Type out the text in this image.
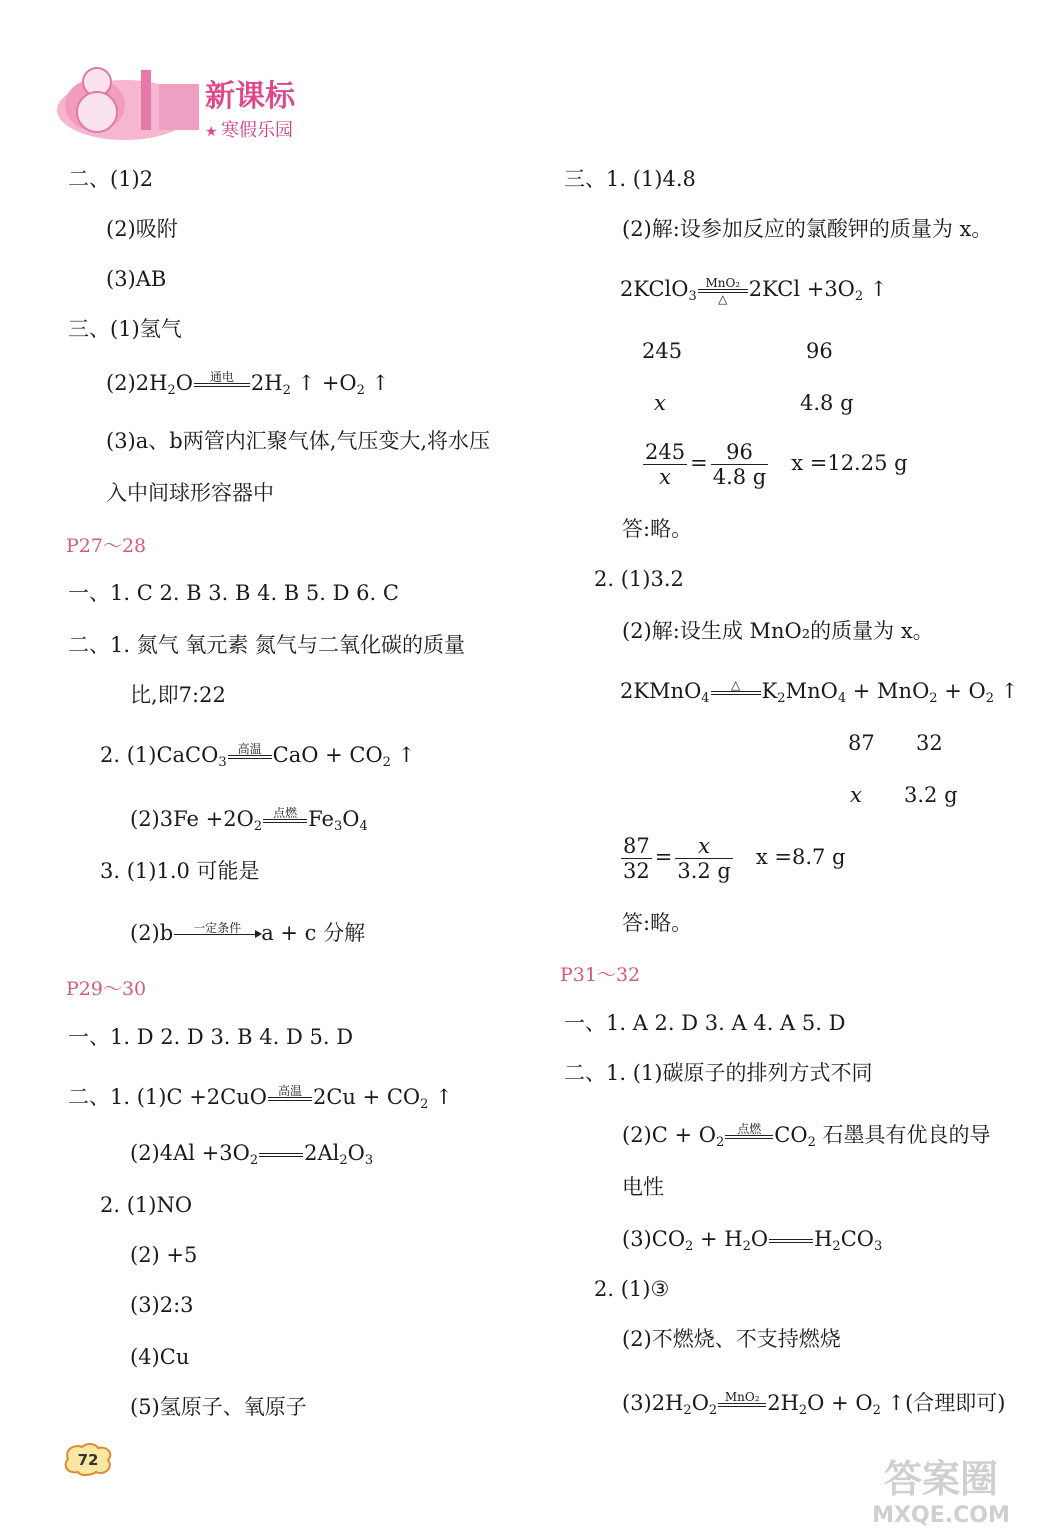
新课标
寒假乐园
★
二、(1)2
(2)吸附
(3)AB
三、(1)氢气
$(2)2H_2O$	通电 $2H_2$ ↑ $+O_2$ ↑
(3)a、b两管内汇聚气体,气压变大,将水压
入中间球形容器中
P27～28
一、1. C 2. B 3. B 4. B 5. D 6. C
二、1. 氮气 氧元素 氮气与二氧化碳的质量
比,即7:22
2. (1)CaCO$_3$
高温 CaO + $CO_2$ ↑
$(2)3Fe +2O_2$
点燃 $Fe_3O_4$
3. (1)1.0 可能是
(2)b	一定条件 a + c 分解
P29～30
一、1. D 2. D 3. B 4. D 5. D
二、1. (1)C +2CuO 高温 $2Cu + CO_2$ ↑
$(2)4Al +3O_2$ $2Al_2O_3$
2. (1)NO
(2) +5
(3)2:3
(4)Cu
(5)氢原子、氧原子
三、1. (1)4.8
(2)解:设参加反应的氯酸钾的质量为 x。
2KClO$_3$
MnO₂
△	$2KCl +3O_2$ ↑
245	96
x	4.8 g
$\frac{245}{x} = \frac{96}{4.8 g}$ x =12.25 g
答:略。
2. (1)3.2
(2)解:设生成 MnO₂的质量为 x。
2KMnO$_4$
△	$K_2MnO_4 + MnO_2 + O_2$ ↑
87 32
x 3.2 g
$\frac{87}{32} = \frac{x}{3.2 g}$ x =8.7 g
答:略。
P31～32
一、1. A 2. D 3. A 4. A 5. D
二、1. (1)碳原子的排列方式不同
$(2)C + O_2$
点燃 $CO_2$ 石墨具有优良的导
电性
$(3)CO_2 + H_2O$ $H_2CO_3$
2. (1)③
(2)不燃烧、不支持燃烧
$(3)2H_2O_2$
MnO₂ $2H_2O + O_2$ ↑(合理即可)
72	答案圈
MXQE.COM
